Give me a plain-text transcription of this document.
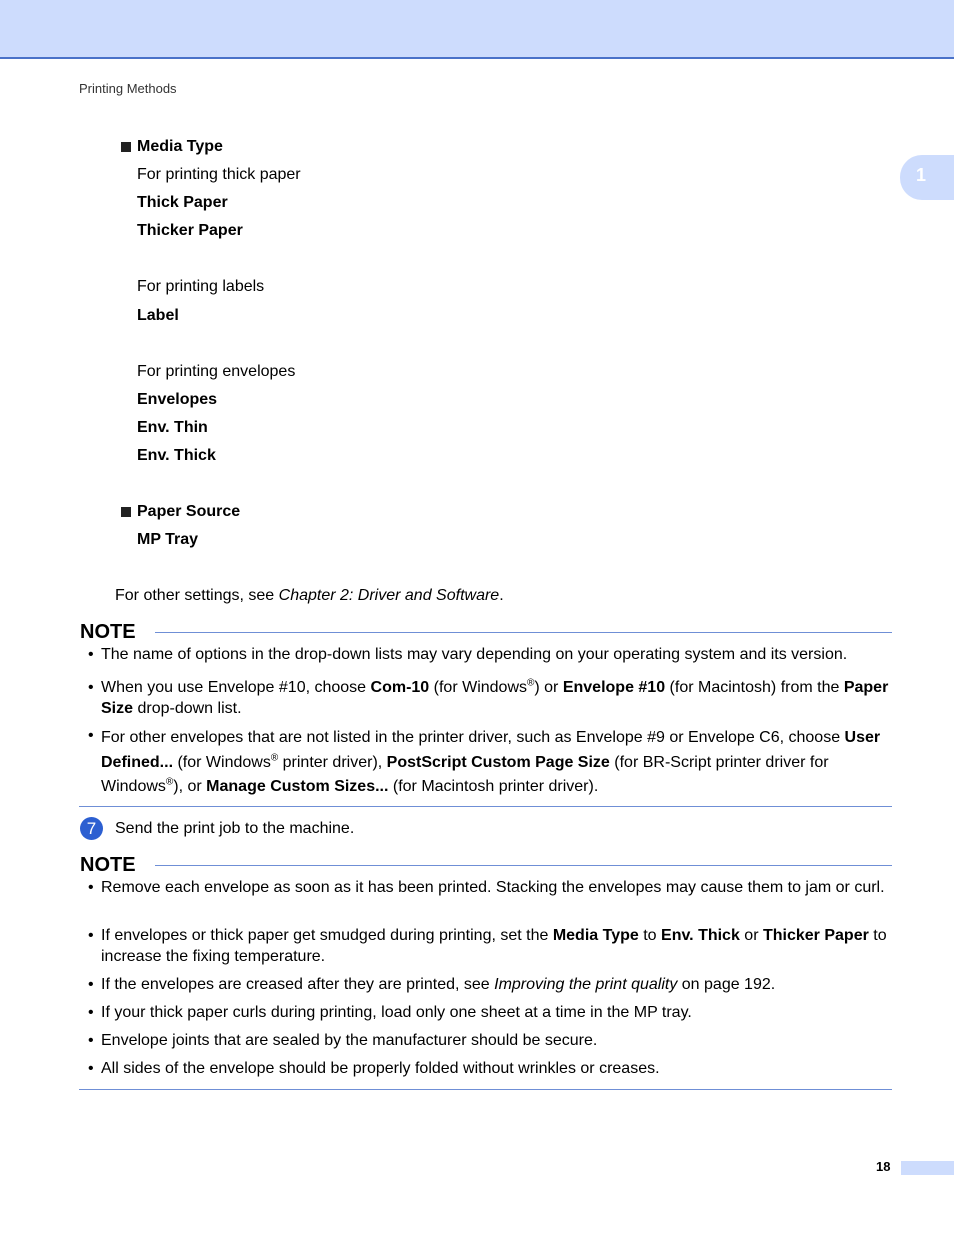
Printing Methods
1
Media Type
For printing thick paper
Thick Paper
Thicker Paper
For printing labels
Label
For printing envelopes
Envelopes
Env. Thin
Env. Thick
Paper Source
MP Tray
For other settings, see Chapter 2: Driver and Software.
NOTE
• The name of options in the drop-down lists may vary depending on your operating system and its version.
• When you use Envelope #10, choose Com-10 (for Windows®) or Envelope #10 (for Macintosh) from the Paper Size drop-down list.
• For other envelopes that are not listed in the printer driver, such as Envelope #9 or Envelope C6, choose User Defined... (for Windows® printer driver), PostScript Custom Page Size (for BR-Script printer driver for Windows®), or Manage Custom Sizes... (for Macintosh printer driver).
7	Send the print job to the machine.
NOTE
• Remove each envelope as soon as it has been printed. Stacking the envelopes may cause them to jam or curl.
• If envelopes or thick paper get smudged during printing, set the Media Type to Env. Thick or Thicker Paper to increase the fixing temperature.
• If the envelopes are creased after they are printed, see Improving the print quality on page 192.
• If your thick paper curls during printing, load only one sheet at a time in the MP tray.
• Envelope joints that are sealed by the manufacturer should be secure.
• All sides of the envelope should be properly folded without wrinkles or creases.
18
